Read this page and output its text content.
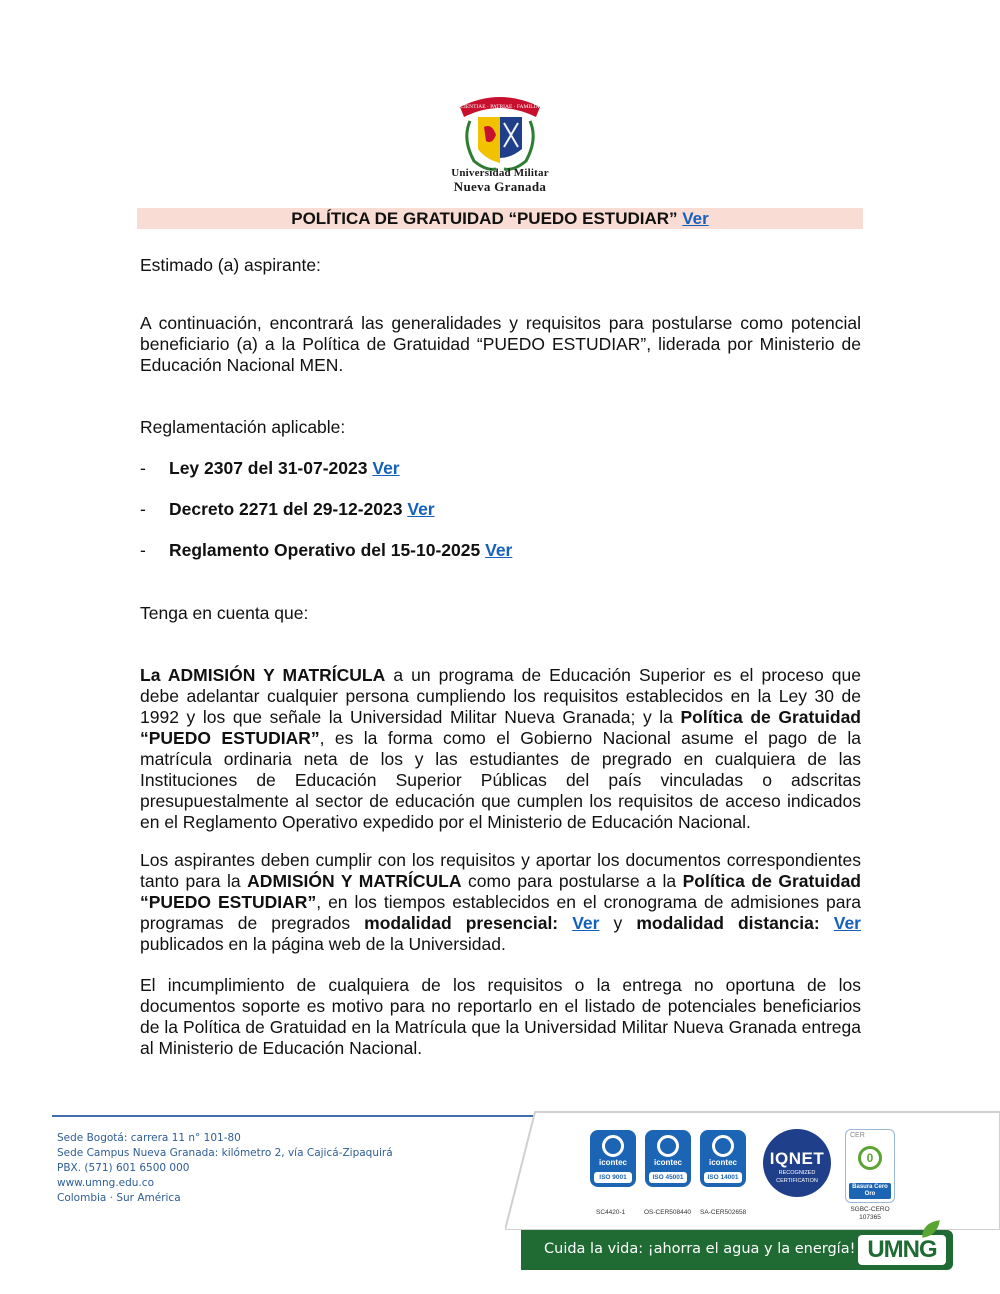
SCIENTIAE · PATRIAE · FAMILIAE
Universidad Militar
Nueva Granada
POLÍTICA DE GRATUIDAD “PUEDO ESTUDIAR” Ver
Estimado (a) aspirante:
A continuación, encontrará las generalidades y requisitos para postularse como potencial beneficiario (a) a la Política de Gratuidad “PUEDO ESTUDIAR”, liderada por Ministerio de Educación Nacional MEN.
Reglamentación aplicable:
- Ley 2307 del 31-07-2023 Ver
- Decreto 2271 del 29-12-2023 Ver
- Reglamento Operativo del 15-10-2025 Ver
Tenga en cuenta que:
La ADMISIÓN Y MATRÍCULA a un programa de Educación Superior es el proceso que debe adelantar cualquier persona cumpliendo los requisitos establecidos en la Ley 30 de 1992 y los que señale la Universidad Militar Nueva Granada; y la Política de Gratuidad “PUEDO ESTUDIAR”, es la forma como el Gobierno Nacional asume el pago de la matrícula ordinaria neta de los y las estudiantes de pregrado en cualquiera de las Instituciones de Educación Superior Públicas del país vinculadas o adscritas presupuestalmente al sector de educación que cumplen los requisitos de acceso indicados en el Reglamento Operativo expedido por el Ministerio de Educación Nacional.
Los aspirantes deben cumplir con los requisitos y aportar los documentos correspondientes tanto para la ADMISIÓN Y MATRÍCULA como para postularse a la Política de Gratuidad “PUEDO ESTUDIAR”, en los tiempos establecidos en el cronograma de admisiones para programas de pregrados modalidad presencial: Ver y modalidad distancia: Ver publicados en la página web de la Universidad.
El incumplimiento de cualquiera de los requisitos o la entrega no oportuna de los documentos soporte es motivo para no reportarlo en el listado de potenciales beneficiarios de la Política de Gratuidad en la Matrícula que la Universidad Militar Nueva Granada entrega al Ministerio de Educación Nacional.
Sede Bogotá: carrera 11 n° 101-80
Sede Campus Nueva Granada: kilómetro 2, vía Cajicá-Zipaquirá
PBX. (571) 601 6500 000
www.umng.edu.co
Colombia · Sur América
icontec
ISO 9001
icontec
ISO 45001
icontec
ISO 14001
SC4420-1	OS-CER508440 SA-CER502658
IQNET
RECOGNIZED
CERTIFICATION
0
Basura Cero
Oro
CER
SGBC-CERO
107365
Cuida la vida: ¡ahorra el agua y la energía! UMNG
